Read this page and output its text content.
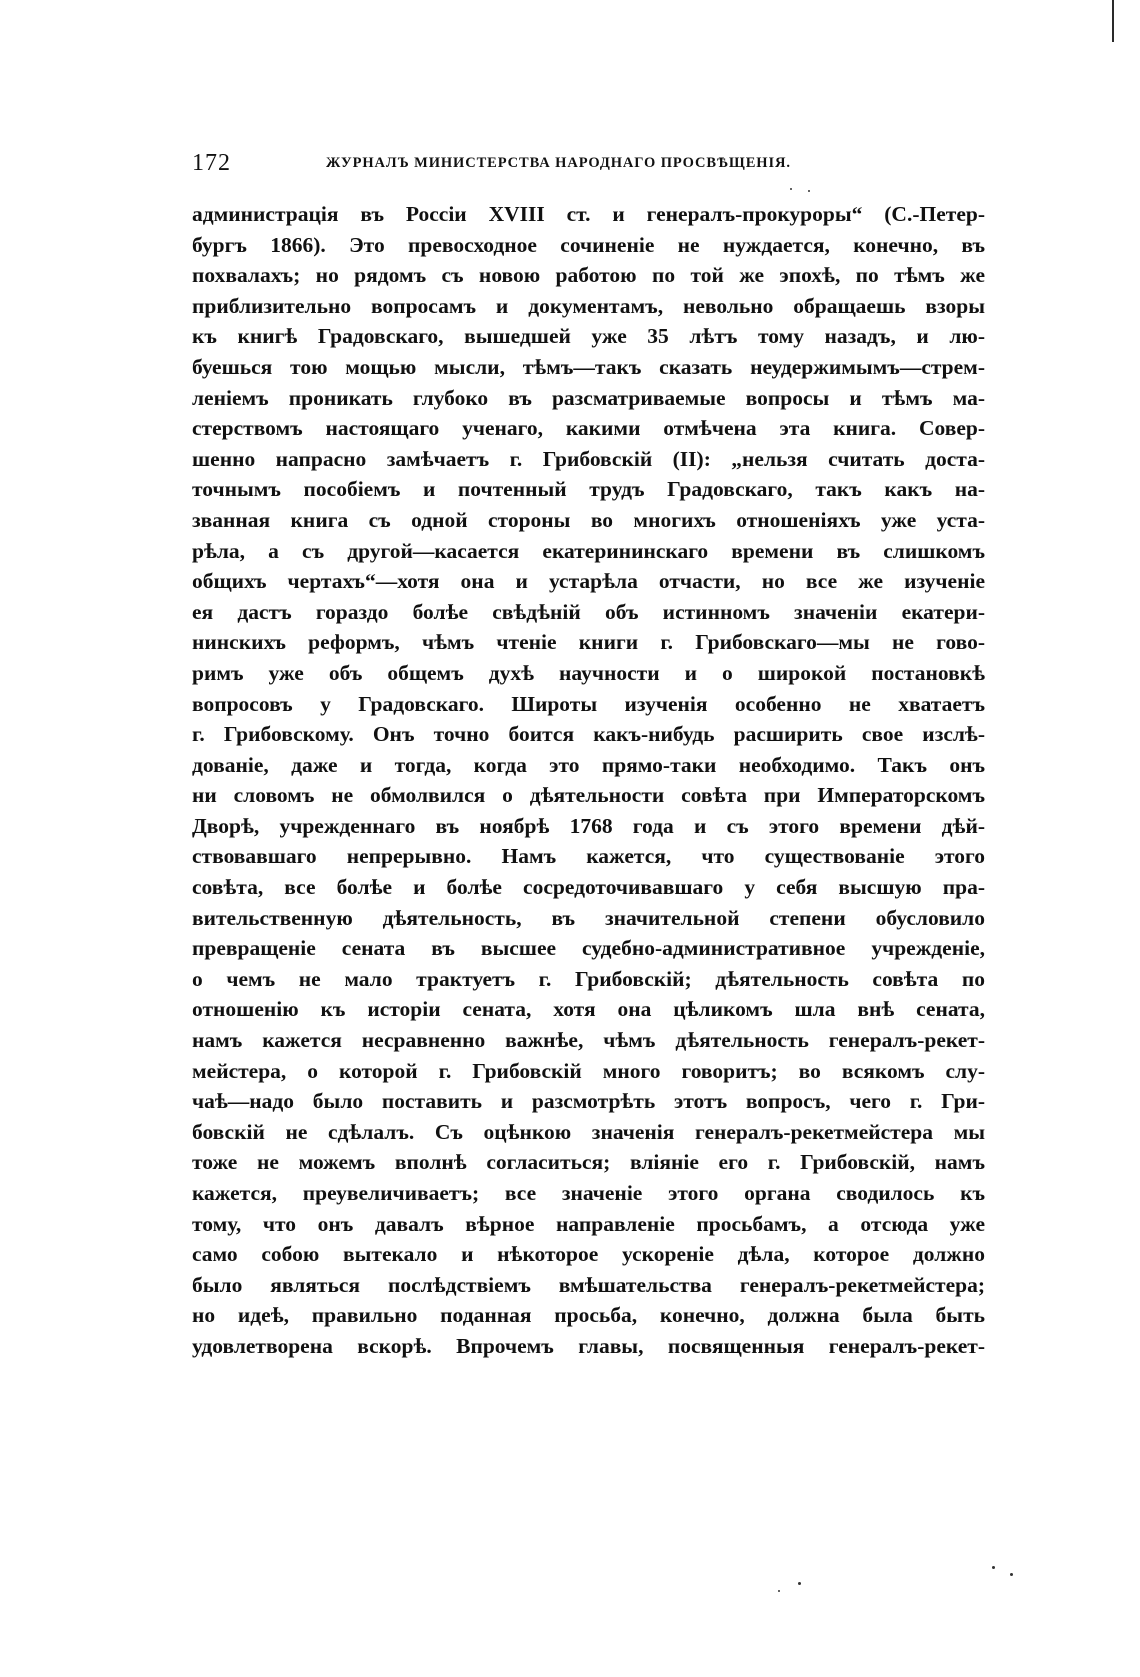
172	ЖУРНАЛЪ МИНИСТЕРСТВА НАРОДНАГО ПРОСВѢЩЕНІЯ.
администрація въ Россіи XVIII ст. и генералъ-прокуроры“ (С.-Петер-
бургъ 1866). Это превосходное сочиненіе не нуждается, конечно, въ
похвалахъ; но рядомъ съ новою работою по той же эпохѣ, по тѣмъ же
приблизительно вопросамъ и документамъ, невольно обращаешь взоры
къ книгѣ Градовскаго, вышедшей уже 35 лѣтъ тому назадъ, и лю-
буешься тою мощью мысли, тѣмъ—такъ сказать неудержимымъ—стрем-
леніемъ проникать глубоко въ разсматриваемые вопросы и тѣмъ ма-
стерствомъ настоящаго ученаго, какими отмѣчена эта книга. Совер-
шенно напрасно замѣчаетъ г. Грибовскій (II): „нельзя считать доста-
точнымъ пособіемъ и почтенный трудъ Градовскаго, такъ какъ на-
званная книга съ одной стороны во многихъ отношеніяхъ уже уста-
рѣла, а съ другой—касается екатерининскаго времени въ слишкомъ
общихъ чертахъ“—хотя она и устарѣла отчасти, но все же изученіе
ея дастъ гораздо болѣе свѣдѣній объ истинномъ значеніи екатери-
нинскихъ реформъ, чѣмъ чтеніе книги г. Грибовскаго—мы не гово-
римъ уже объ общемъ духѣ научности и о широкой постановкѣ
вопросовъ у Градовскаго. Широты изученія особенно не хватаетъ
г. Грибовскому. Онъ точно боится какъ-нибудь расширить свое изслѣ-
дованіе, даже и тогда, когда это прямо-таки необходимо. Такъ онъ
ни словомъ не обмолвился о дѣятельности совѣта при Императорскомъ
Дворѣ, учрежденнаго въ ноябрѣ 1768 года и съ этого времени дѣй-
ствовавшаго непрерывно. Намъ кажется, что существованіе этого
совѣта, все болѣе и болѣе сосредоточивавшаго у себя высшую пра-
вительственную дѣятельность, въ значительной степени обусловило
превращеніе сената въ высшее судебно-административное учрежденіе,
о чемъ не мало трактуетъ г. Грибовскій; дѣятельность совѣта по
отношенію къ исторіи сената, хотя она цѣликомъ шла внѣ сената,
намъ кажется несравненно важнѣе, чѣмъ дѣятельность генералъ-рекет-
мейстера, о которой г. Грибовскій много говоритъ; во всякомъ слу-
чаѣ—надо было поставить и разсмотрѣть этотъ вопросъ, чего г. Гри-
бовскій не сдѣлалъ. Съ оцѣнкою значенія генералъ-рекетмейстера мы
тоже не можемъ вполнѣ согласиться; вліяніе его г. Грибовскій, намъ
кажется, преувеличиваетъ; все значеніе этого органа сводилось къ
тому, что онъ давалъ вѣрное направленіе просьбамъ, а отсюда уже
само собою вытекало и нѣкоторое ускореніе дѣла, которое должно
было являться послѣдствіемъ вмѣшательства генералъ-рекетмейстера;
но идеѣ, правильно поданная просьба, конечно, должна была быть
удовлетворена вскорѣ. Впрочемъ главы, посвященныя генералъ-рекет-
